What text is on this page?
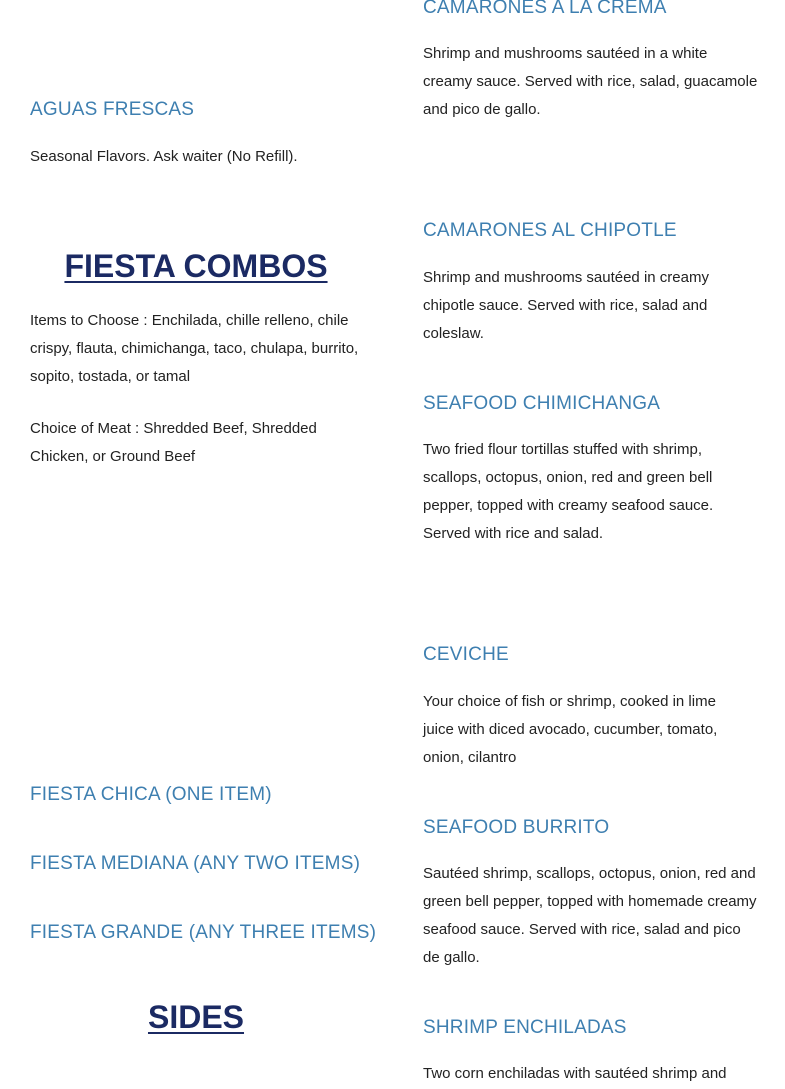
AGUAS FRESCAS

Seasonal Flavors. Ask waiter (No Refill).

FIESTA COMBOS

Items to Choose : Enchilada, chille relleno, chile crispy, flauta, chimichanga, taco, chulapa, burrito, sopito, tostada, or tamal

Choice of Meat : Shredded Beef, Shredded Chicken, or Ground Beef

FIESTA CHICA (ONE ITEM)
FIESTA MEDIANA (ANY TWO ITEMS)
FIESTA GRANDE (ANY THREE ITEMS)
SIDES
CAMARONES A LA CREMA

Shrimp and mushrooms sautéed in a white creamy sauce. Served with rice, salad, guacamole and pico de gallo.

CAMARONES AL CHIPOTLE

Shrimp and mushrooms sautéed in creamy chipotle sauce. Served with rice, salad and coleslaw.

SEAFOOD CHIMICHANGA

Two fried flour tortillas stuffed with shrimp, scallops, octopus, onion, red and green bell pepper, topped with creamy seafood sauce. Served with rice and salad.

CEVICHE

Your choice of fish or shrimp, cooked in lime juice with diced avocado, cucumber, tomato, onion, cilantro

SEAFOOD BURRITO

Sautéed shrimp, scallops, octopus, onion, red and green bell pepper, topped with homemade creamy seafood sauce. Served with rice, salad and pico de gallo.

SHRIMP ENCHILADAS

Two corn enchiladas with sautéed shrimp and
